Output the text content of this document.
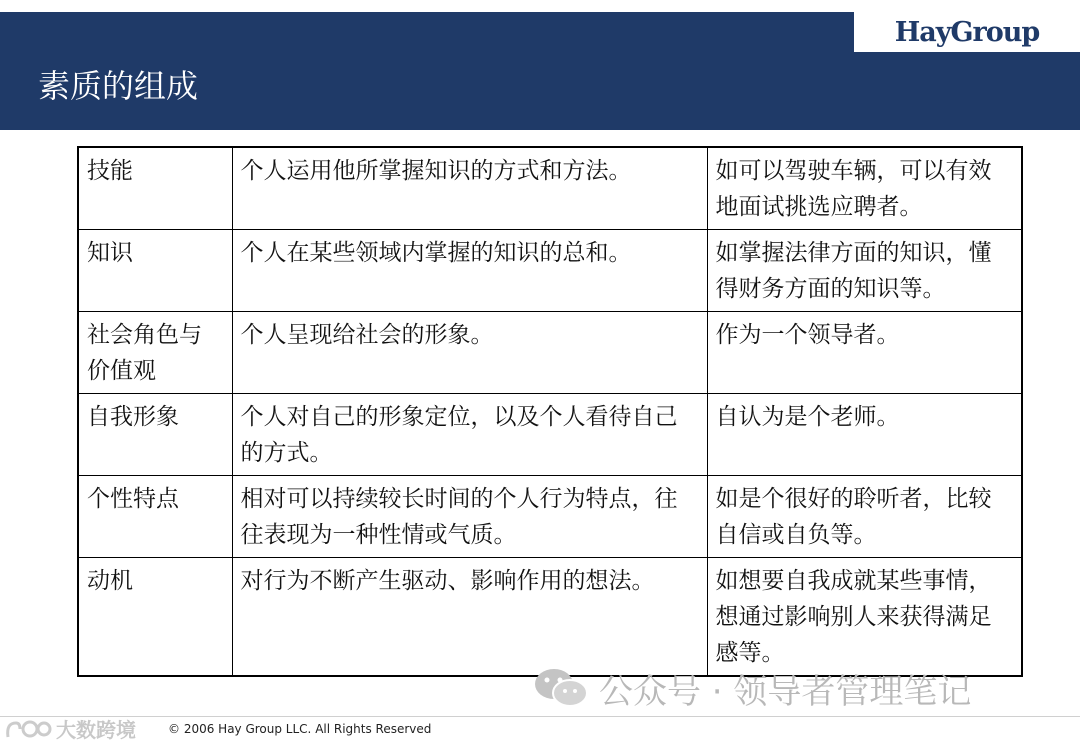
HayGroup
素质的组成
技能	个人运用他所掌握知识的方式和方法。	如可以驾驶车辆，可以有效地面试挑选应聘者。
知识	个人在某些领域内掌握的知识的总和。	如掌握法律方面的知识，懂得财务方面的知识等。
社会角色与价值观	个人呈现给社会的形象。	作为一个领导者。
自我形象	个人对自己的形象定位，以及个人看待自己的方式。	自认为是个老师。
个性特点	相对可以持续较长时间的个人行为特点，往往表现为一种性情或气质。	如是个很好的聆听者，比较自信或自负等。
动机	对行为不断产生驱动、影响作用的想法。	如想要自我成就某些事情，想通过影响别人来获得满足感等。
公众号 · 领导者管理笔记
大数跨境	© 2006 Hay Group LLC. All Rights Reserved
